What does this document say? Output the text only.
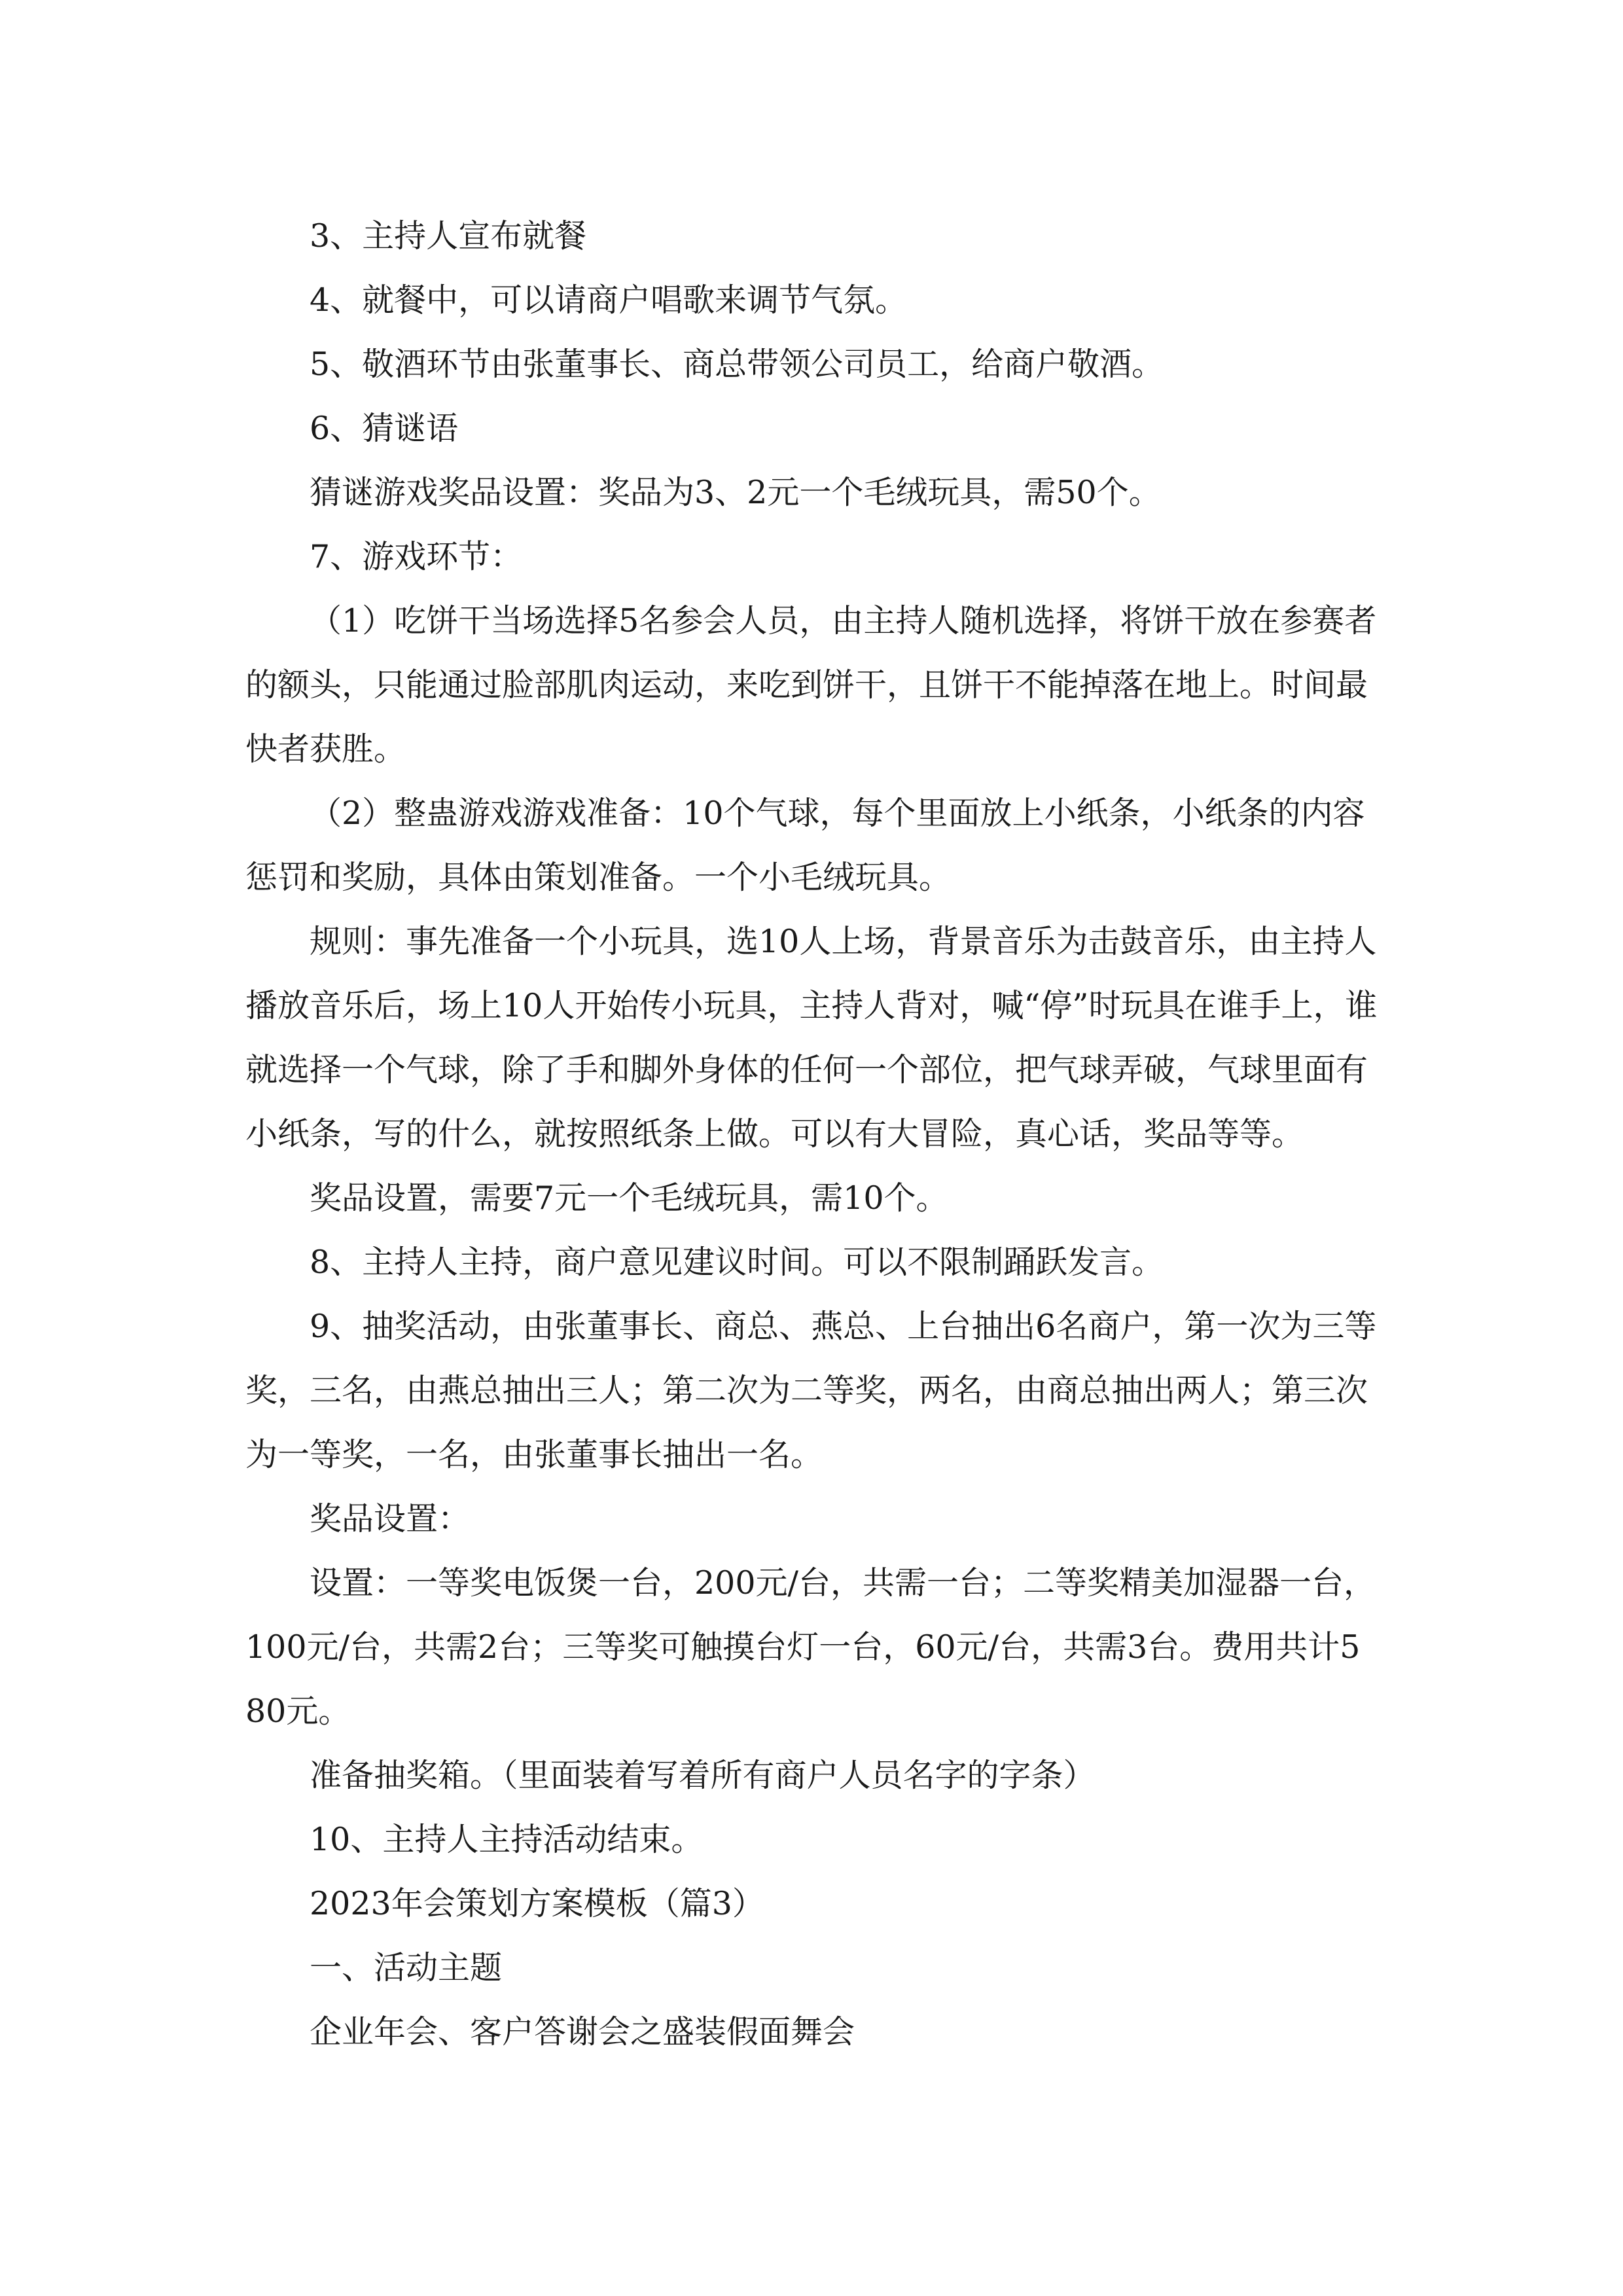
3、主持人宣布就餐

4、就餐中，可以请商户唱歌来调节气氛。

5、敬酒环节由张董事长、商总带领公司员工，给商户敬酒。

6、猜谜语

猜谜游戏奖品设置：奖品为3、2元一个毛绒玩具，需50个。

7、游戏环节：

（1）吃饼干当场选择5名参会人员，由主持人随机选择，将饼干放在参赛者的额头，只能通过脸部肌肉运动，来吃到饼干，且饼干不能掉落在地上。时间最快者获胜。

（2）整蛊游戏游戏准备：10个气球，每个里面放上小纸条，小纸条的内容惩罚和奖励，具体由策划准备。一个小毛绒玩具。

规则：事先准备一个小玩具，选10人上场，背景音乐为击鼓音乐，由主持人播放音乐后，场上10人开始传小玩具，主持人背对，喊“停”时玩具在谁手上，谁就选择一个气球，除了手和脚外身体的任何一个部位，把气球弄破，气球里面有小纸条，写的什么，就按照纸条上做。可以有大冒险，真心话，奖品等等。

奖品设置，需要7元一个毛绒玩具，需10个。

8、主持人主持，商户意见建议时间。可以不限制踊跃发言。

9、抽奖活动，由张董事长、商总、燕总、上台抽出6名商户，第一次为三等奖，三名，由燕总抽出三人；第二次为二等奖，两名，由商总抽出两人；第三次为一等奖，一名，由张董事长抽出一名。

奖品设置：

设置：一等奖电饭煲一台，200元/台，共需一台；二等奖精美加湿器一台，100元/台，共需2台；三等奖可触摸台灯一台，60元/台，共需3台。费用共计580元。

准备抽奖箱。（里面装着写着所有商户人员名字的字条）

10、主持人主持活动结束。

2023年会策划方案模板（篇3）

一、活动主题

企业年会、客户答谢会之盛装假面舞会
